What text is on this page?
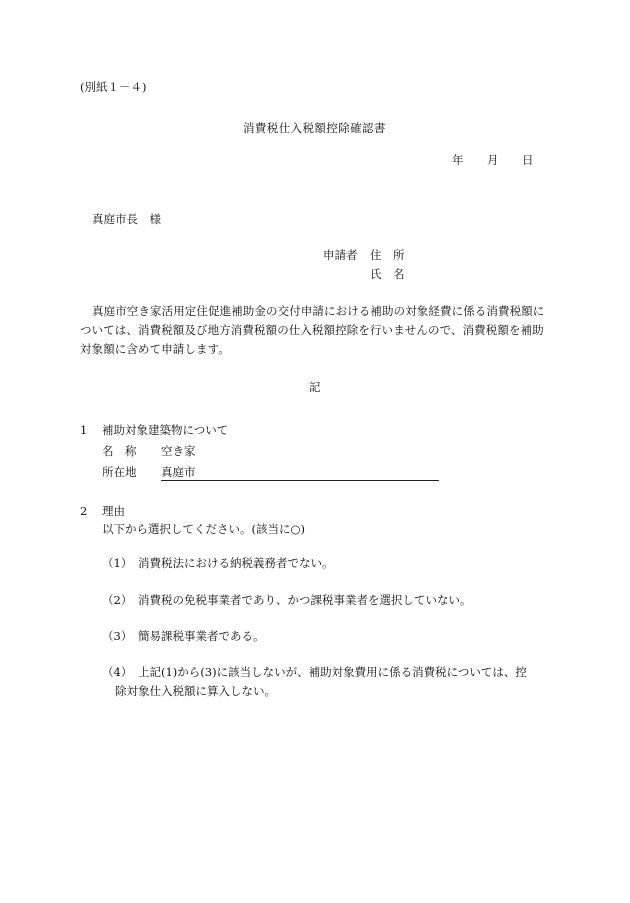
(別紙１－４)
消費税仕入税額控除確認書
年 月 日
真庭市長　様
申請者 住　所
氏　名
真庭市空き家活用定住促進補助金の交付申請における補助の対象経費に係る消費税額に
ついては、消費税額及び地方消費税額の仕入税額控除を行いませんので、消費税額を補助
対象額に含めて申請します。
記
1 補助対象建築物について
名　称 空き家
所在地 真庭市
2 理由
以下から選択してください。(該当に○)
（1） 消費税法における納税義務者でない。
（2） 消費税の免税事業者であり、かつ課税事業者を選択していない。
（3） 簡易課税事業者である。
（4） 上記(1)から(3)に該当しないが、補助対象費用に係る消費税については、控
除対象仕入税額に算入しない。
